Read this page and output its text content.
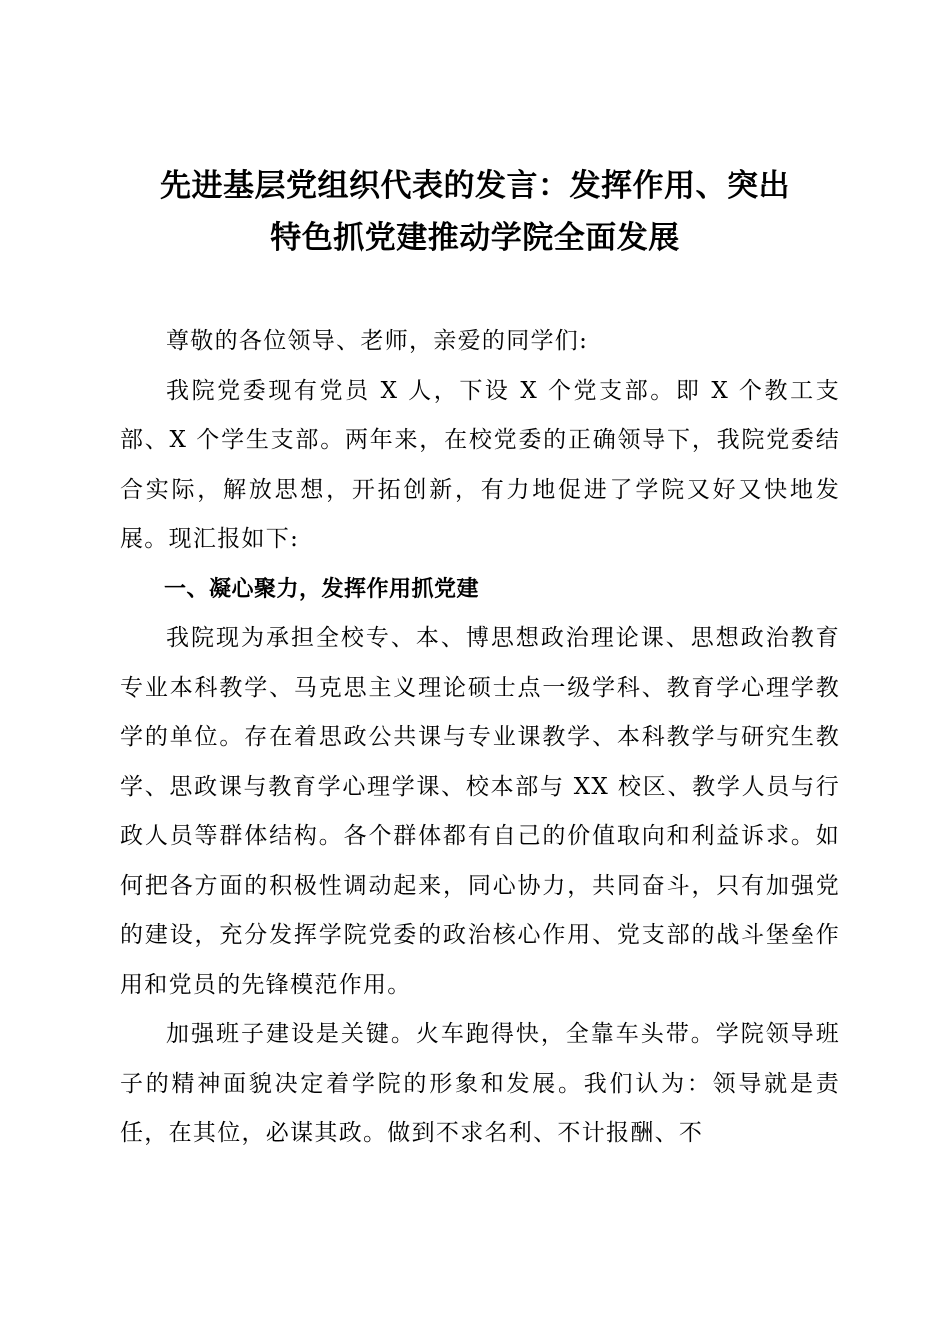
先进基层党组织代表的发言：发挥作用、突出
特色抓党建推动学院全面发展

尊敬的各位领导、老师，亲爱的同学们:

我院党委现有党员 X 人，下设 X 个党支部。即 X 个教工支部、X 个学生支部。两年来，在校党委的正确领导下，我院党委结合实际，解放思想，开拓创新，有力地促进了学院又好又快地发展。现汇报如下:

一、凝心聚力，发挥作用抓党建

我院现为承担全校专、本、博思想政治理论课、思想政治教育专业本科教学、马克思主义理论硕士点一级学科、教育学心理学教学的单位。存在着思政公共课与专业课教学、本科教学与研究生教学、思政课与教育学心理学课、校本部与 XX 校区、教学人员与行政人员等群体结构。各个群体都有自己的价值取向和利益诉求。如何把各方面的积极性调动起来，同心协力，共同奋斗，只有加强党的建设，充分发挥学院党委的政治核心作用、党支部的战斗堡垒作用和党员的先锋模范作用。

加强班子建设是关键。火车跑得快，全靠车头带。学院领导班子的精神面貌决定着学院的形象和发展。我们认为：领导就是责任，在其位，必谋其政。做到不求名利、不计报酬、不
